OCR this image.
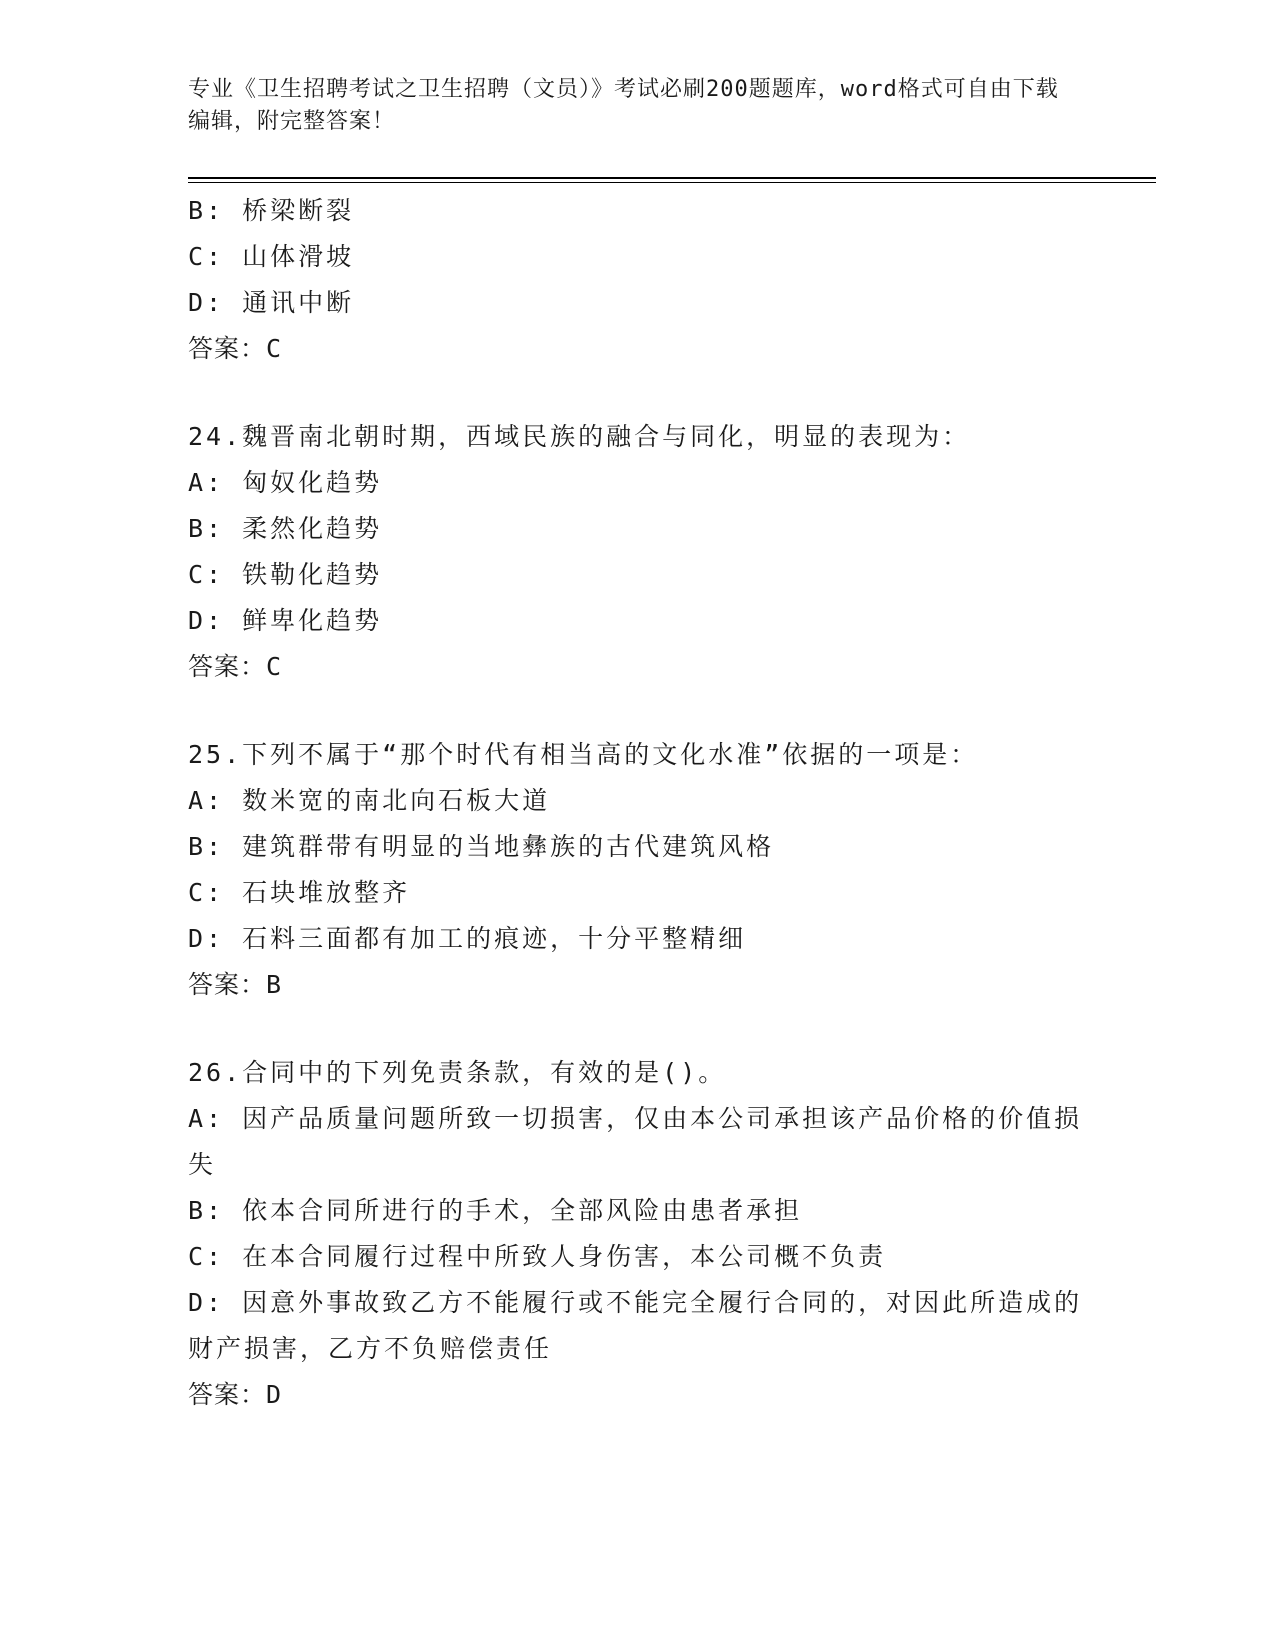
专业《卫生招聘考试之卫生招聘（文员）》考试必刷200题题库，word格式可自由下载编辑，附完整答案！

B: 桥梁断裂

C: 山体滑坡

D: 通讯中断

答案：C

24.魏晋南北朝时期，西域民族的融合与同化，明显的表现为：

A: 匈奴化趋势

B: 柔然化趋势

C: 铁勒化趋势

D: 鲜卑化趋势

答案：C

25.下列不属于“那个时代有相当高的文化水准”依据的一项是：

A: 数米宽的南北向石板大道

B: 建筑群带有明显的当地彝族的古代建筑风格

C: 石块堆放整齐

D: 石料三面都有加工的痕迹，十分平整精细

答案：B

26.合同中的下列免责条款，有效的是()。

A: 因产品质量问题所致一切损害，仅由本公司承担该产品价格的价值损失

B: 依本合同所进行的手术，全部风险由患者承担

C: 在本合同履行过程中所致人身伤害，本公司概不负责

D: 因意外事故致乙方不能履行或不能完全履行合同的，对因此所造成的财产损害，乙方不负赔偿责任

答案：D
